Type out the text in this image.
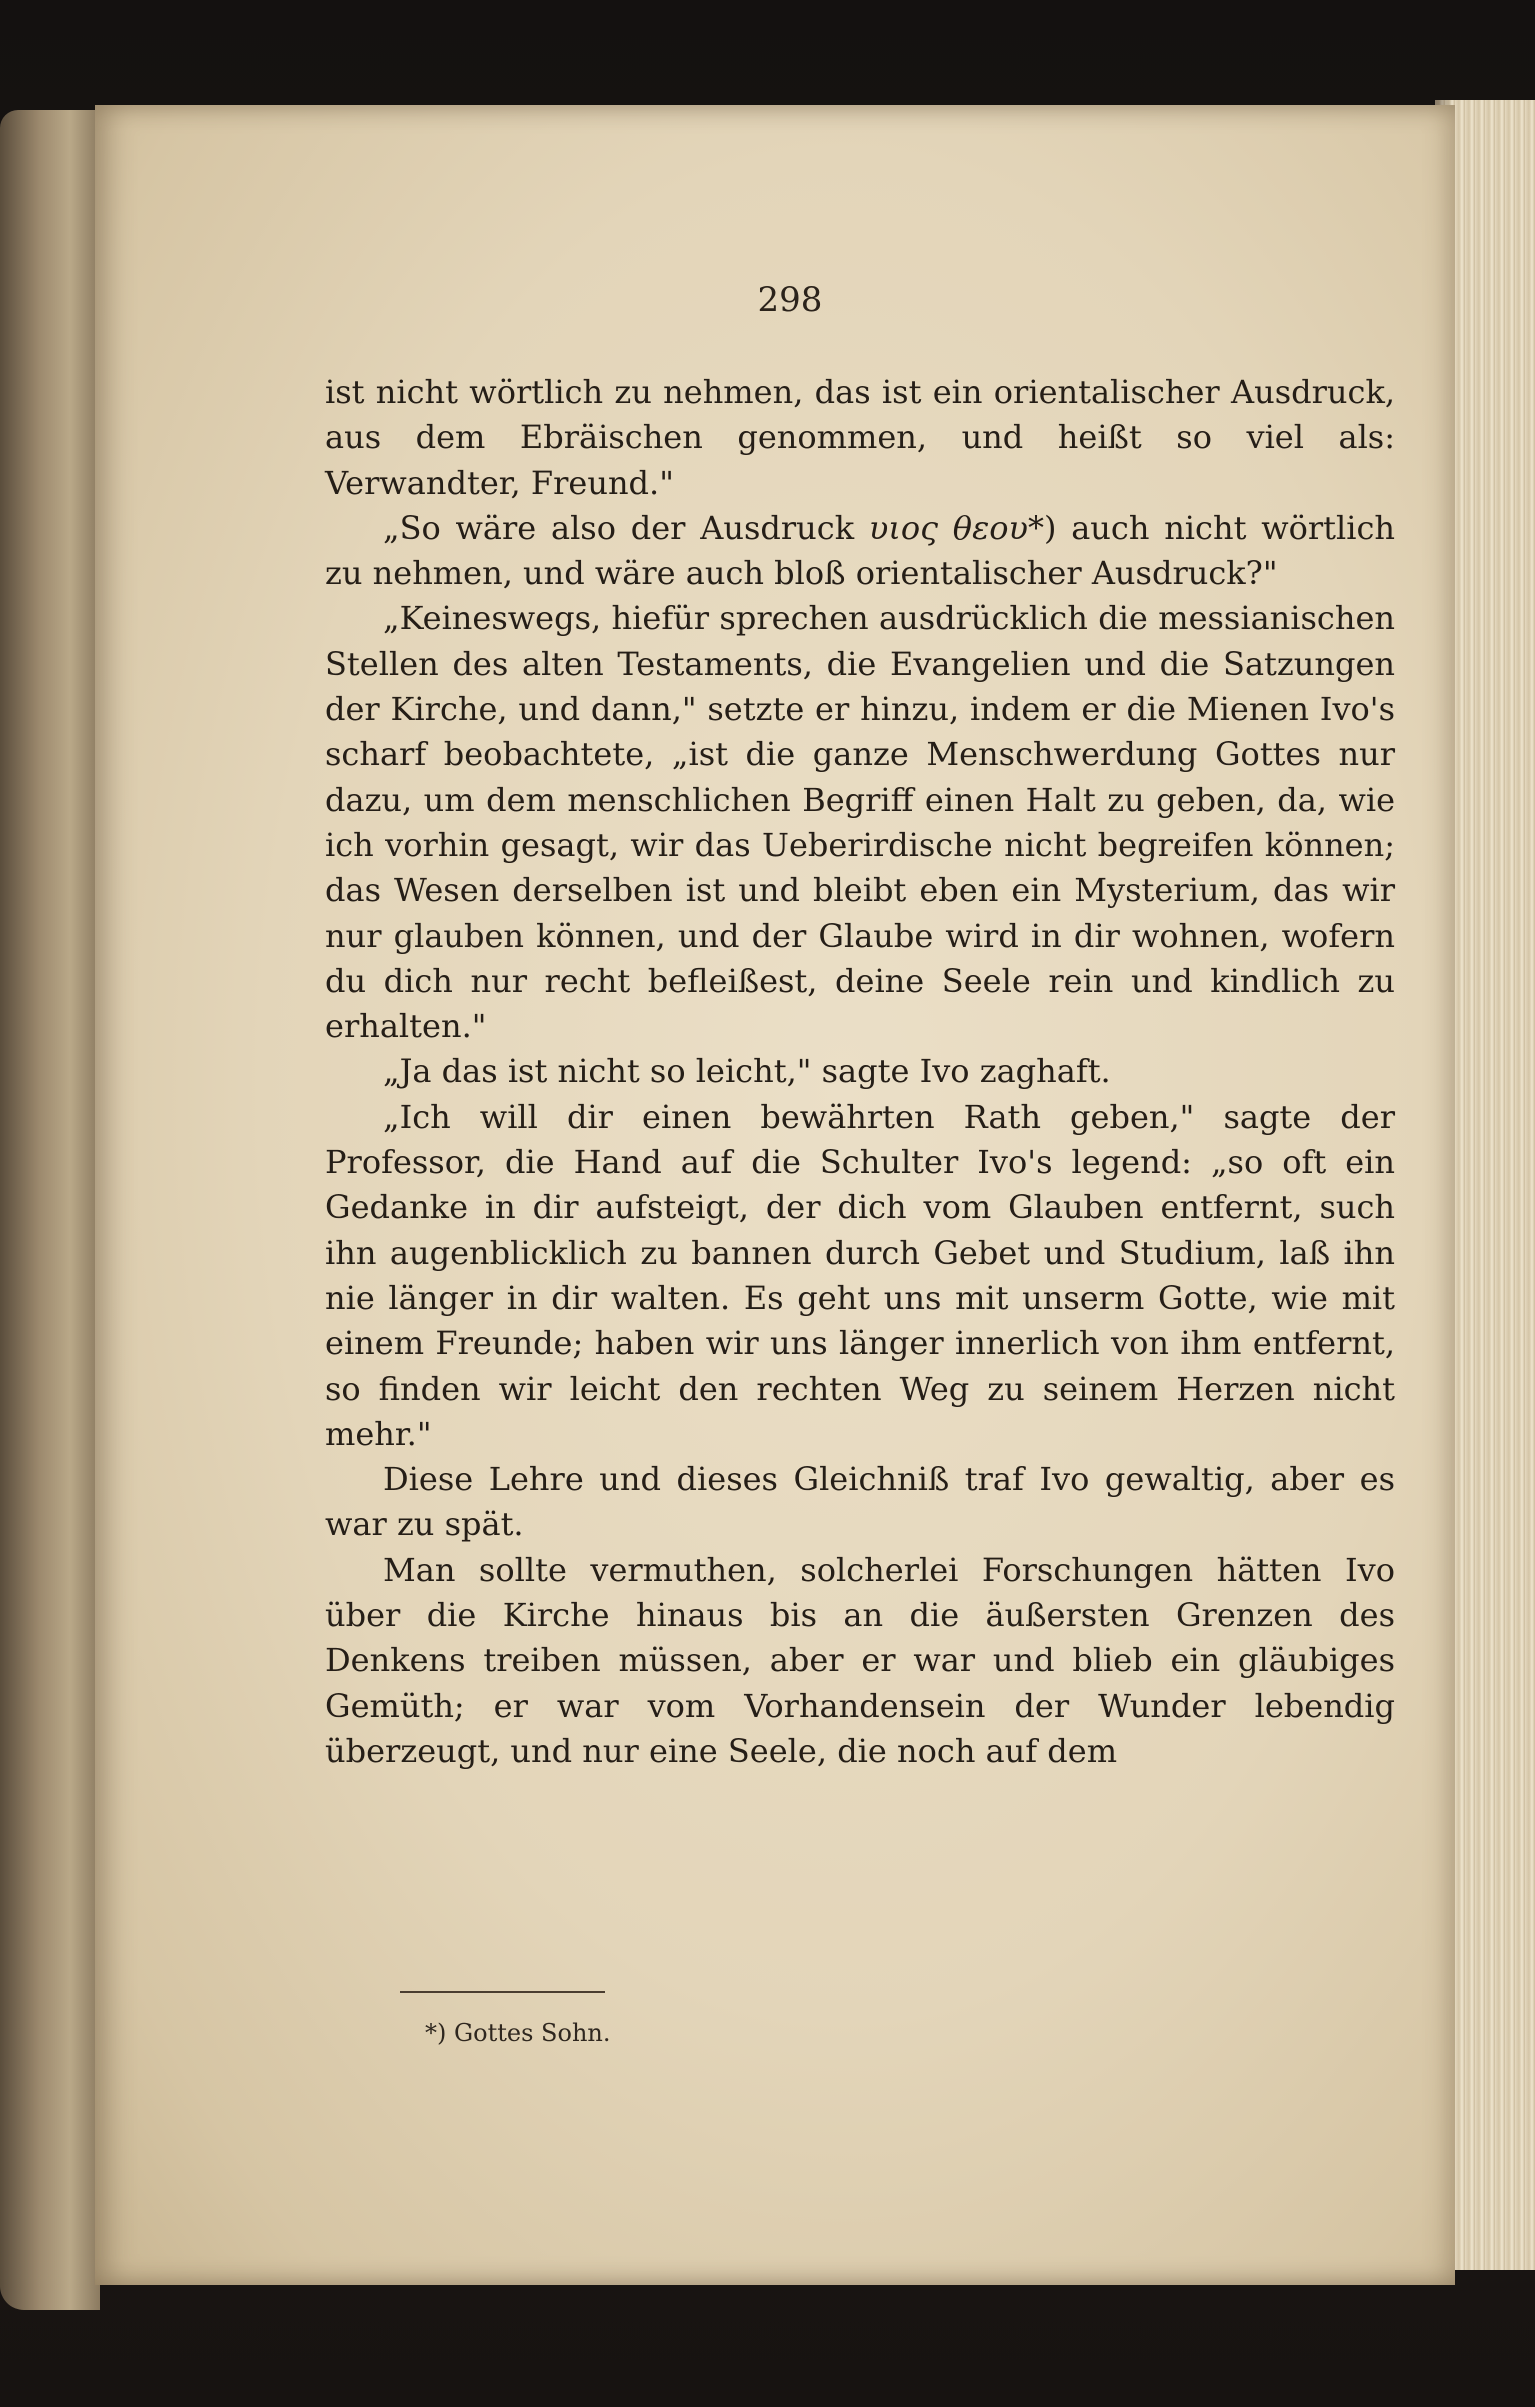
298

ist nicht wörtlich zu nehmen, das ist ein orientalischer Ausdruck, aus dem Ebräischen genommen, und heißt so viel als: Verwandter, Freund."

„So wäre also der Ausdruck υιος θεου*) auch nicht wörtlich zu nehmen, und wäre auch bloß orientalischer Ausdruck?"

„Keineswegs, hiefür sprechen ausdrücklich die messianischen Stellen des alten Testaments, die Evangelien und die Satzungen der Kirche, und dann," setzte er hinzu, indem er die Mienen Ivo's scharf beobachtete, „ist die ganze Menschwerdung Gottes nur dazu, um dem menschlichen Begriff einen Halt zu geben, da, wie ich vorhin gesagt, wir das Ueberirdische nicht begreifen können; das Wesen derselben ist und bleibt eben ein Mysterium, das wir nur glauben können, und der Glaube wird in dir wohnen, wofern du dich nur recht befleißest, deine Seele rein und kindlich zu erhalten."

„Ja das ist nicht so leicht," sagte Ivo zaghaft.

„Ich will dir einen bewährten Rath geben," sagte der Professor, die Hand auf die Schulter Ivo's legend: „so oft ein Gedanke in dir aufsteigt, der dich vom Glauben entfernt, such ihn augenblicklich zu bannen durch Gebet und Studium, laß ihn nie länger in dir walten. Es geht uns mit unserm Gotte, wie mit einem Freunde; haben wir uns länger innerlich von ihm entfernt, so finden wir leicht den rechten Weg zu seinem Herzen nicht mehr."

Diese Lehre und dieses Gleichniß traf Ivo gewaltig, aber es war zu spät.

Man sollte vermuthen, solcherlei Forschungen hätten Ivo über die Kirche hinaus bis an die äußersten Grenzen des Denkens treiben müssen, aber er war und blieb ein gläubiges Gemüth; er war vom Vorhandensein der Wunder lebendig überzeugt, und nur eine Seele, die noch auf dem

*) Gottes Sohn.
